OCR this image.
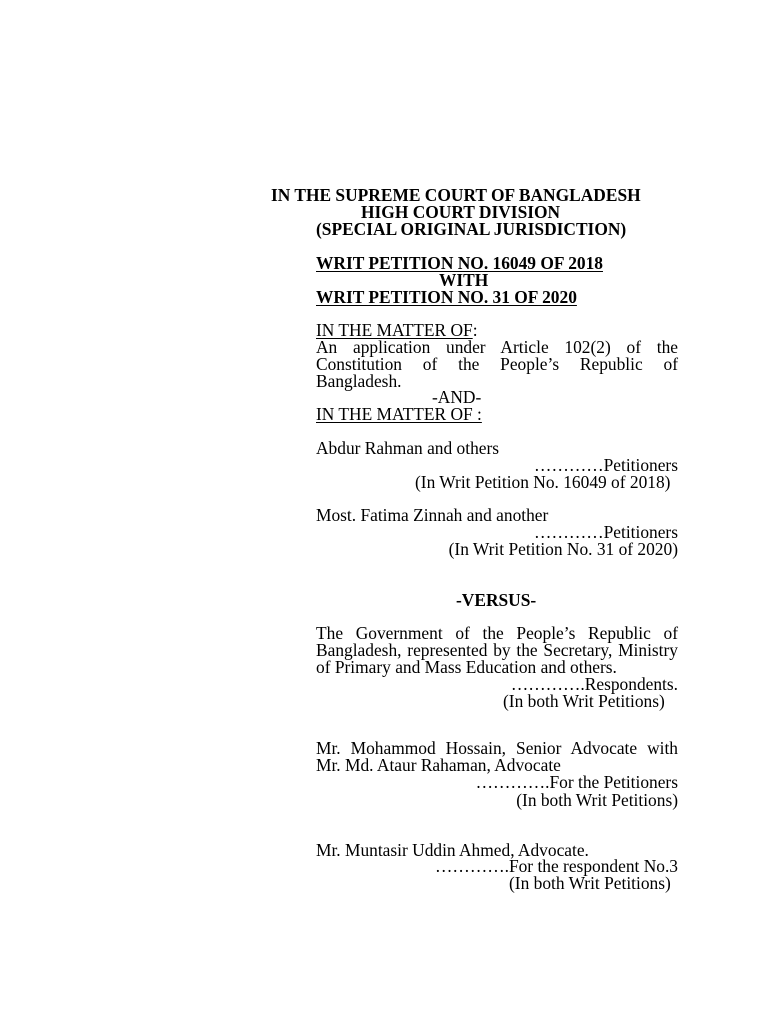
IN THE SUPREME COURT OF BANGLADESH
HIGH COURT DIVISION
(SPECIAL ORIGINAL JURISDICTION)
WRIT PETITION NO. 16049 OF 2018
WITH
WRIT PETITION NO. 31 OF 2020
IN THE MATTER OF:
An application under Article 102(2) of the
Constitution of the People’s Republic of
Bangladesh.
-AND-
IN THE MATTER OF :
Abdur Rahman and others
…………Petitioners
(In Writ Petition No. 16049 of 2018)
Most. Fatima Zinnah and another
…………Petitioners
(In Writ Petition No. 31 of 2020)
-VERSUS-
The Government of the People’s Republic of
Bangladesh, represented by the Secretary, Ministry
of Primary and Mass Education and others.
………….Respondents.
(In both Writ Petitions)
Mr. Mohammod Hossain, Senior Advocate with
Mr. Md. Ataur Rahaman, Advocate
………….For the Petitioners
(In both Writ Petitions)
Mr. Muntasir Uddin Ahmed, Advocate.
………….For the respondent No.3
(In both Writ Petitions)
